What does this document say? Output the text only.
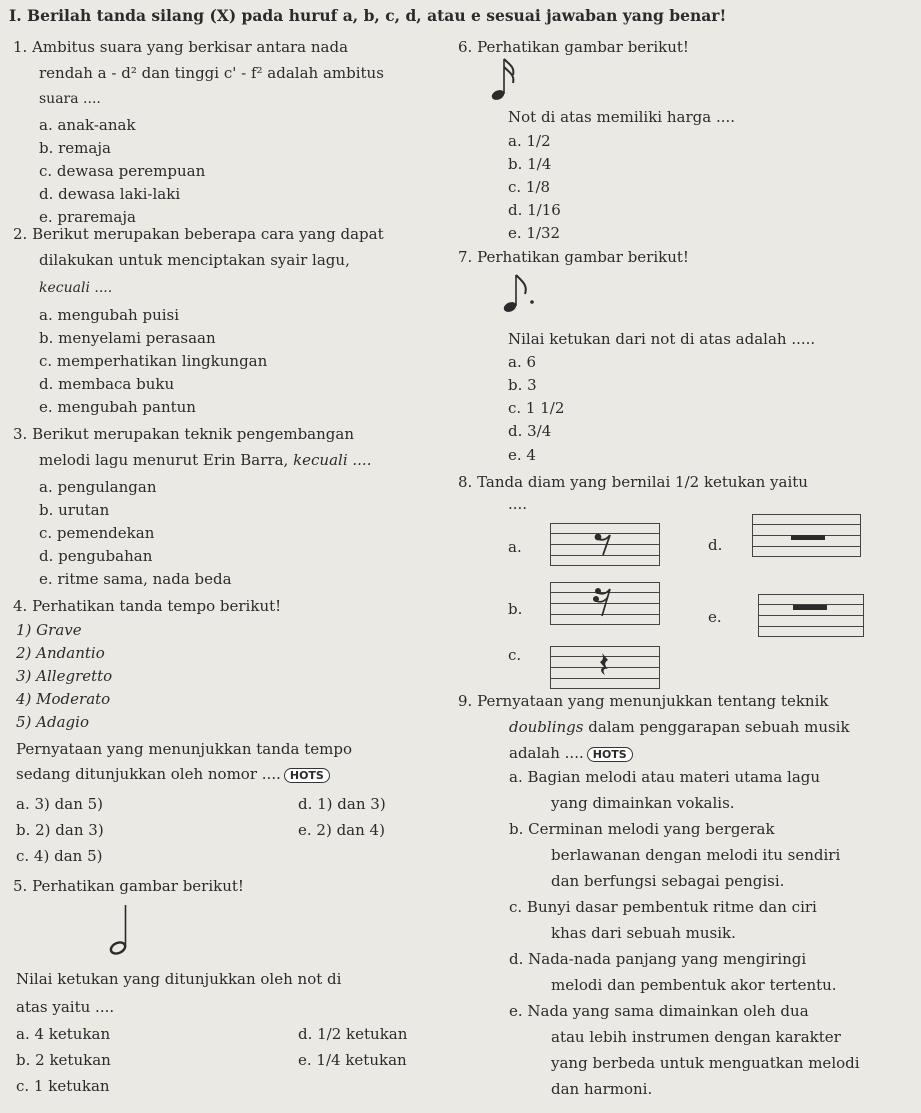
I. Berilah tanda silang (X) pada huruf a, b, c, d, atau e sesuai jawaban yang benar!
1. Ambitus suara yang berkisar antara nada
rendah a - d² dan tinggi c' - f² adalah ambitus
suara ....
a. anak-anak
b. remaja
c. dewasa perempuan
d. dewasa laki-laki
e. praremaja
2. Berikut merupakan beberapa cara yang dapat
dilakukan untuk menciptakan syair lagu,
kecuali ....
a. mengubah puisi
b. menyelami perasaan
c. memperhatikan lingkungan
d. membaca buku
e. mengubah pantun
3. Berikut merupakan teknik pengembangan
melodi lagu menurut Erin Barra, kecuali ....
a. pengulangan
b. urutan
c. pemendekan
d. pengubahan
e. ritme sama, nada beda
4. Perhatikan tanda tempo berikut!
1) Grave
2) Andantio
3) Allegretto
4) Moderato
5) Adagio
Pernyataan yang menunjukkan tanda tempo
sedang ditunjukkan oleh nomor .... HOTS
a. 3) dan 5)	d. 1) dan 3)
b. 2) dan 3)	e. 2) dan 4)
c. 4) dan 5)
5. Perhatikan gambar berikut!
Nilai ketukan yang ditunjukkan oleh not di
atas yaitu ....
a. 4 ketukan	d. 1/2 ketukan
b. 2 ketukan	e. 1/4 ketukan
c. 1 ketukan
6. Perhatikan gambar berikut!
Not di atas memiliki harga ....
a. 1/2
b. 1/4
c. 1/8
d. 1/16
e. 1/32
7. Perhatikan gambar berikut!
Nilai ketukan dari not di atas adalah .....
a. 6
b. 3
c. 1 1/2
d. 3/4
e. 4
8. Tanda diam yang bernilai 1/2 ketukan yaitu
....
a.
b.
c.
d.
e.
9. Pernyataan yang menunjukkan tentang teknik
doublings dalam penggarapan sebuah musik
adalah .... HOTS
a. Bagian melodi atau materi utama lagu
yang dimainkan vokalis.
b. Cerminan melodi yang bergerak
berlawanan dengan melodi itu sendiri
dan berfungsi sebagai pengisi.
c. Bunyi dasar pembentuk ritme dan ciri
khas dari sebuah musik.
d. Nada-nada panjang yang mengiringi
melodi dan pembentuk akor tertentu.
e. Nada yang sama dimainkan oleh dua
atau lebih instrumen dengan karakter
yang berbeda untuk menguatkan melodi
dan harmoni.
